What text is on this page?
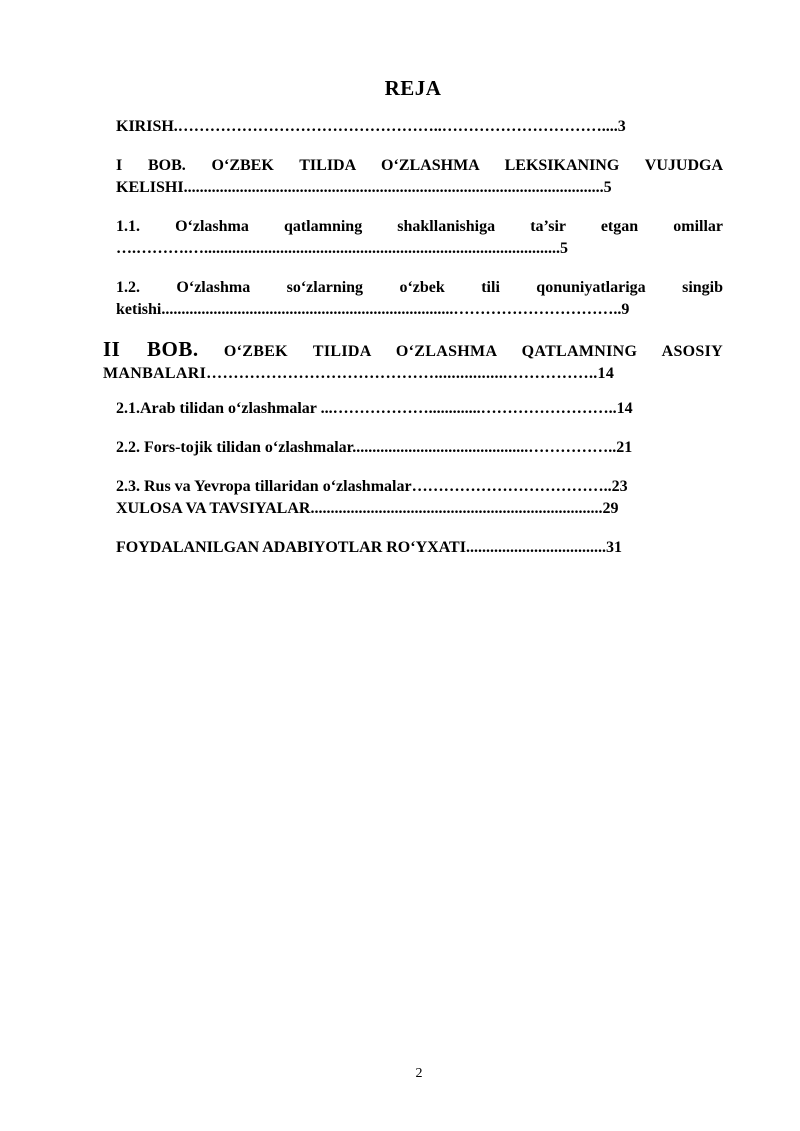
REJA

KIRISH.…………………………………………..…………………………....3

I BOB. O‘ZBEK TILIDA O‘ZLASHMA LEKSIKANING VUJUDGA KELISHI.........................................................................................................5

1.1. O‘zlashma qatlamning shakllanishiga ta’sir etgan omillar ….……….….........................................................................................5

1.2. O‘zlashma so‘zlarning o‘zbek tili qonuniyatlariga singib ketishi.........................................................................…………………………..9

II BOB. O‘ZBEK TILIDA O‘ZLASHMA QATLAMNING ASOSIY MANBALARI…………………………………….................……………..14

2.1.Arab tilidan o‘zlashmalar ...……………….............……………………..14

2.2. Fors-tojik tilidan o‘zlashmalar............................................……………..21

2.3. Rus va Yevropa tillaridan o‘zlashmalar………………………………..23

XULOSA VA TAVSIYALAR.........................................................................29

FOYDALANILGAN ADABIYOTLAR RO‘YXATI...................................31

2
